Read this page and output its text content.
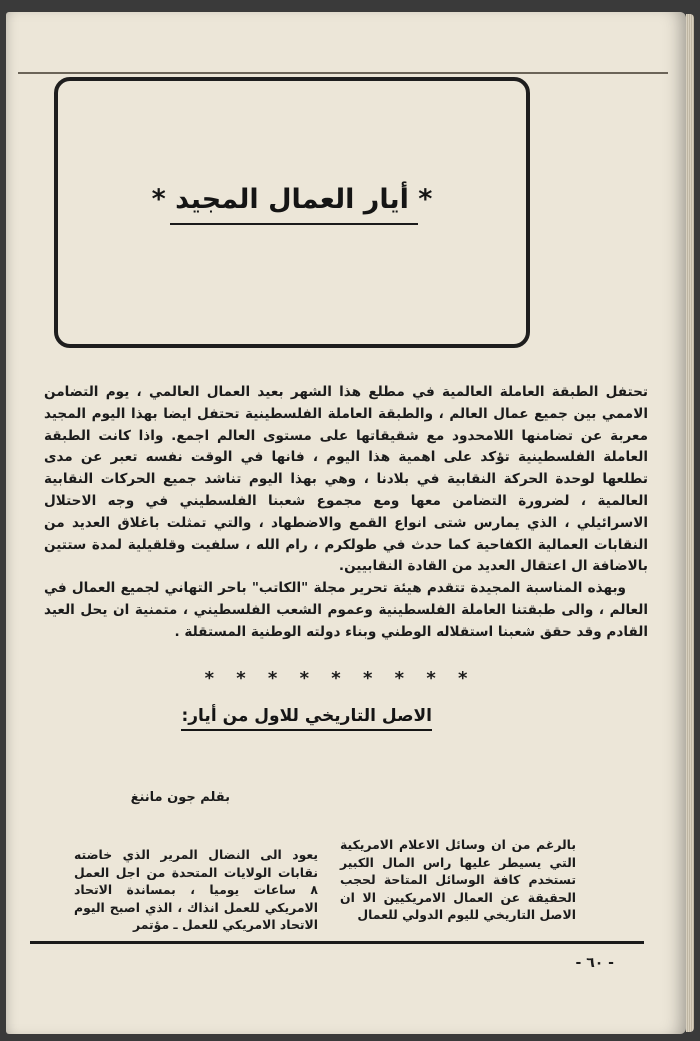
* أيار العمال المجيد *

تحتفل الطبقة العاملة العالمية في مطلع هذا الشهر بعيد العمال العالمي ، يوم التضامن الاممي بين جميع عمال العالم ، والطبقة العاملة الفلسطينية تحتفل ايضا بهذا اليوم المجيد معربة عن تضامنها اللامحدود مع شقيقاتها على مستوى العالم اجمع. واذا كانت الطبقة العاملة الفلسطينية تؤكد على اهمية هذا اليوم ، فانها في الوقت نفسه تعبر عن مدى تطلعها لوحدة الحركة النقابية في بلادنا ، وهي بهذا اليوم تناشد جميع الحركات النقابية العالمية ، لضرورة التضامن معها ومع مجموع شعبنا الفلسطيني في وجه الاحتلال الاسرائيلي ، الذي يمارس شتى انواع القمع والاضطهاد ، والتي تمثلت باغلاق العديد من النقابات العمالية الكفاحية كما حدث في طولكرم ، رام الله ، سلفيت وقلقيلية لمدة ستتين بالاضافة ال اعتقال العديد من القادة النقابيين.

وبهذه المناسبة المجيدة تتقدم هيئة تحرير مجلة "الكاتب" باحر التهاني لجميع العمال في العالم ، والى طبقتنا العاملة الفلسطينية وعموم الشعب الفلسطيني ، متمنية ان يحل العيد القادم وقد حقق شعبنا استقلاله الوطني وبناء دولته الوطنية المستقلة .

* * * * * * * * *
الاصل التاريخي للاول من أيار:
بقلم جون ماننغ
بالرغم من ان وسائل الاعلام الامريكية التي يسيطر عليها راس المال الكبير تستخدم كافة الوسائل المتاحة لحجب الحقيقة عن العمال الامريكيين الا ان الاصل التاريخي لليوم الدولي للعمال
يعود الى النضال المرير الذي خاضته نقابات الولايات المتحدة من اجل العمل ٨ ساعات يوميا ، بمساندة الاتحاد الامريكي للعمل انذاك ، الذي اصبح اليوم الاتحاد الامريكي للعمل ـ مؤتمر
- ٦٠ -
